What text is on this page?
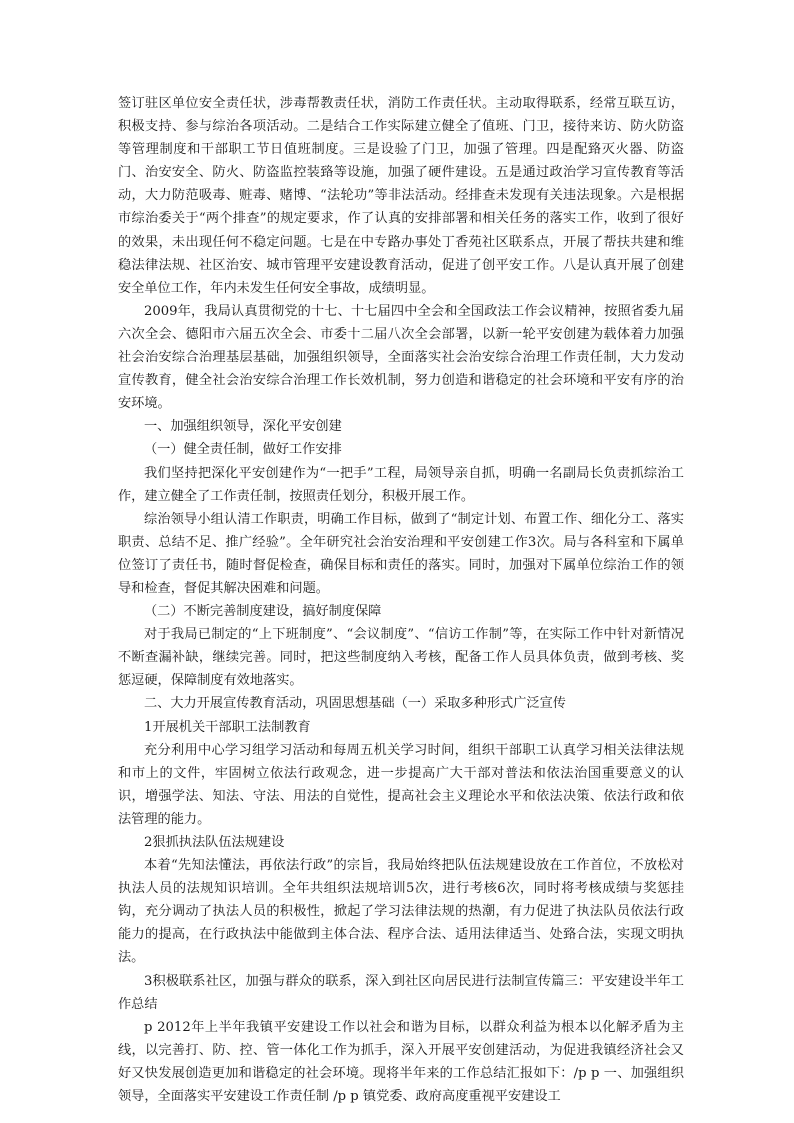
签订驻区单位安全责任状，涉毒帮教责任状，消防工作责任状。主动取得联系，经常互联互访，积极支持、参与综治各项活动。二是结合工作实际建立健全了值班、门卫，接待来访、防火防盗等管理制度和干部职工节日值班制度。三是设验了门卫，加强了管理。四是配臵灭火器、防盗门、治安安全、防火、防盗监控装臵等设施，加强了硬件建设。五是通过政治学习宣传教育等活动，大力防范吸毒、赃毒、赌博、“法轮功”等非法活动。经排查未发现有关违法现象。六是根据市综治委关于“两个排查”的规定要求，作了认真的安排部署和相关任务的落实工作，收到了很好的效果，未出现任何不稳定问题。七是在中专路办事处丁香苑社区联系点，开展了帮扶共建和维稳法律法规、社区治安、城市管理平安建设教育活动，促进了创平安工作。八是认真开展了创建安全单位工作，年内未发生任何安全事故，成绩明显。

2009年，我局认真贯彻党的十七、十七届四中全会和全国政法工作会议精神，按照省委九届六次全会、德阳市六届五次全会、市委十二届八次全会部署，以新一轮平安创建为载体着力加强社会治安综合治理基层基础，加强组织领导，全面落实社会治安综合治理工作责任制，大力发动宣传教育，健全社会治安综合治理工作长效机制，努力创造和谐稳定的社会环境和平安有序的治安环境。

一、加强组织领导，深化平安创建

（一）健全责任制，做好工作安排

我们坚持把深化平安创建作为“一把手”工程，局领导亲自抓，明确一名副局长负责抓综治工作，建立健全了工作责任制，按照责任划分，积极开展工作。

综治领导小组认清工作职责，明确工作目标，做到了“制定计划、布置工作、细化分工、落实职责、总结不足、推广经验”。全年研究社会治安治理和平安创建工作3次。局与各科室和下属单位签订了责任书，随时督促检查，确保目标和责任的落实。同时，加强对下属单位综治工作的领导和检查，督促其解决困难和问题。

（二）不断完善制度建设，搞好制度保障

对于我局已制定的“上下班制度”、“会议制度”、“信访工作制”等，在实际工作中针对新情况不断查漏补缺，继续完善。同时，把这些制度纳入考核，配备工作人员具体负责，做到考核、奖惩逗硬，保障制度有效地落实。

二、大力开展宣传教育活动，巩固思想基础（一）采取多种形式广泛宣传

1开展机关干部职工法制教育

充分利用中心学习组学习活动和每周五机关学习时间，组织干部职工认真学习相关法律法规和市上的文件，牢固树立依法行政观念，进一步提高广大干部对普法和依法治国重要意义的认识，增强学法、知法、守法、用法的自觉性，提高社会主义理论水平和依法决策、依法行政和依法管理的能力。

2狠抓执法队伍法规建设

本着“先知法懂法，再依法行政”的宗旨，我局始终把队伍法规建设放在工作首位，不放松对执法人员的法规知识培训。全年共组织法规培训5次，进行考核6次，同时将考核成绩与奖惩挂钩，充分调动了执法人员的积极性，掀起了学习法律法规的热潮，有力促进了执法队员依法行政能力的提高，在行政执法中能做到主体合法、程序合法、适用法律适当、处臵合法，实现文明执法。

3积极联系社区，加强与群众的联系，深入到社区向居民进行法制宣传篇三：平安建设半年工作总结

p 2012年上半年我镇平安建设工作以社会和谐为目标，以群众利益为根本以化解矛盾为主线，以完善打、防、控、管一体化工作为抓手，深入开展平安创建活动，为促进我镇经济社会又好又快发展创造更加和谐稳定的社会环境。现将半年来的工作总结汇报如下：/p p 一、加强组织领导，全面落实平安建设工作责任制 /p p 镇党委、政府高度重视平安建设工
